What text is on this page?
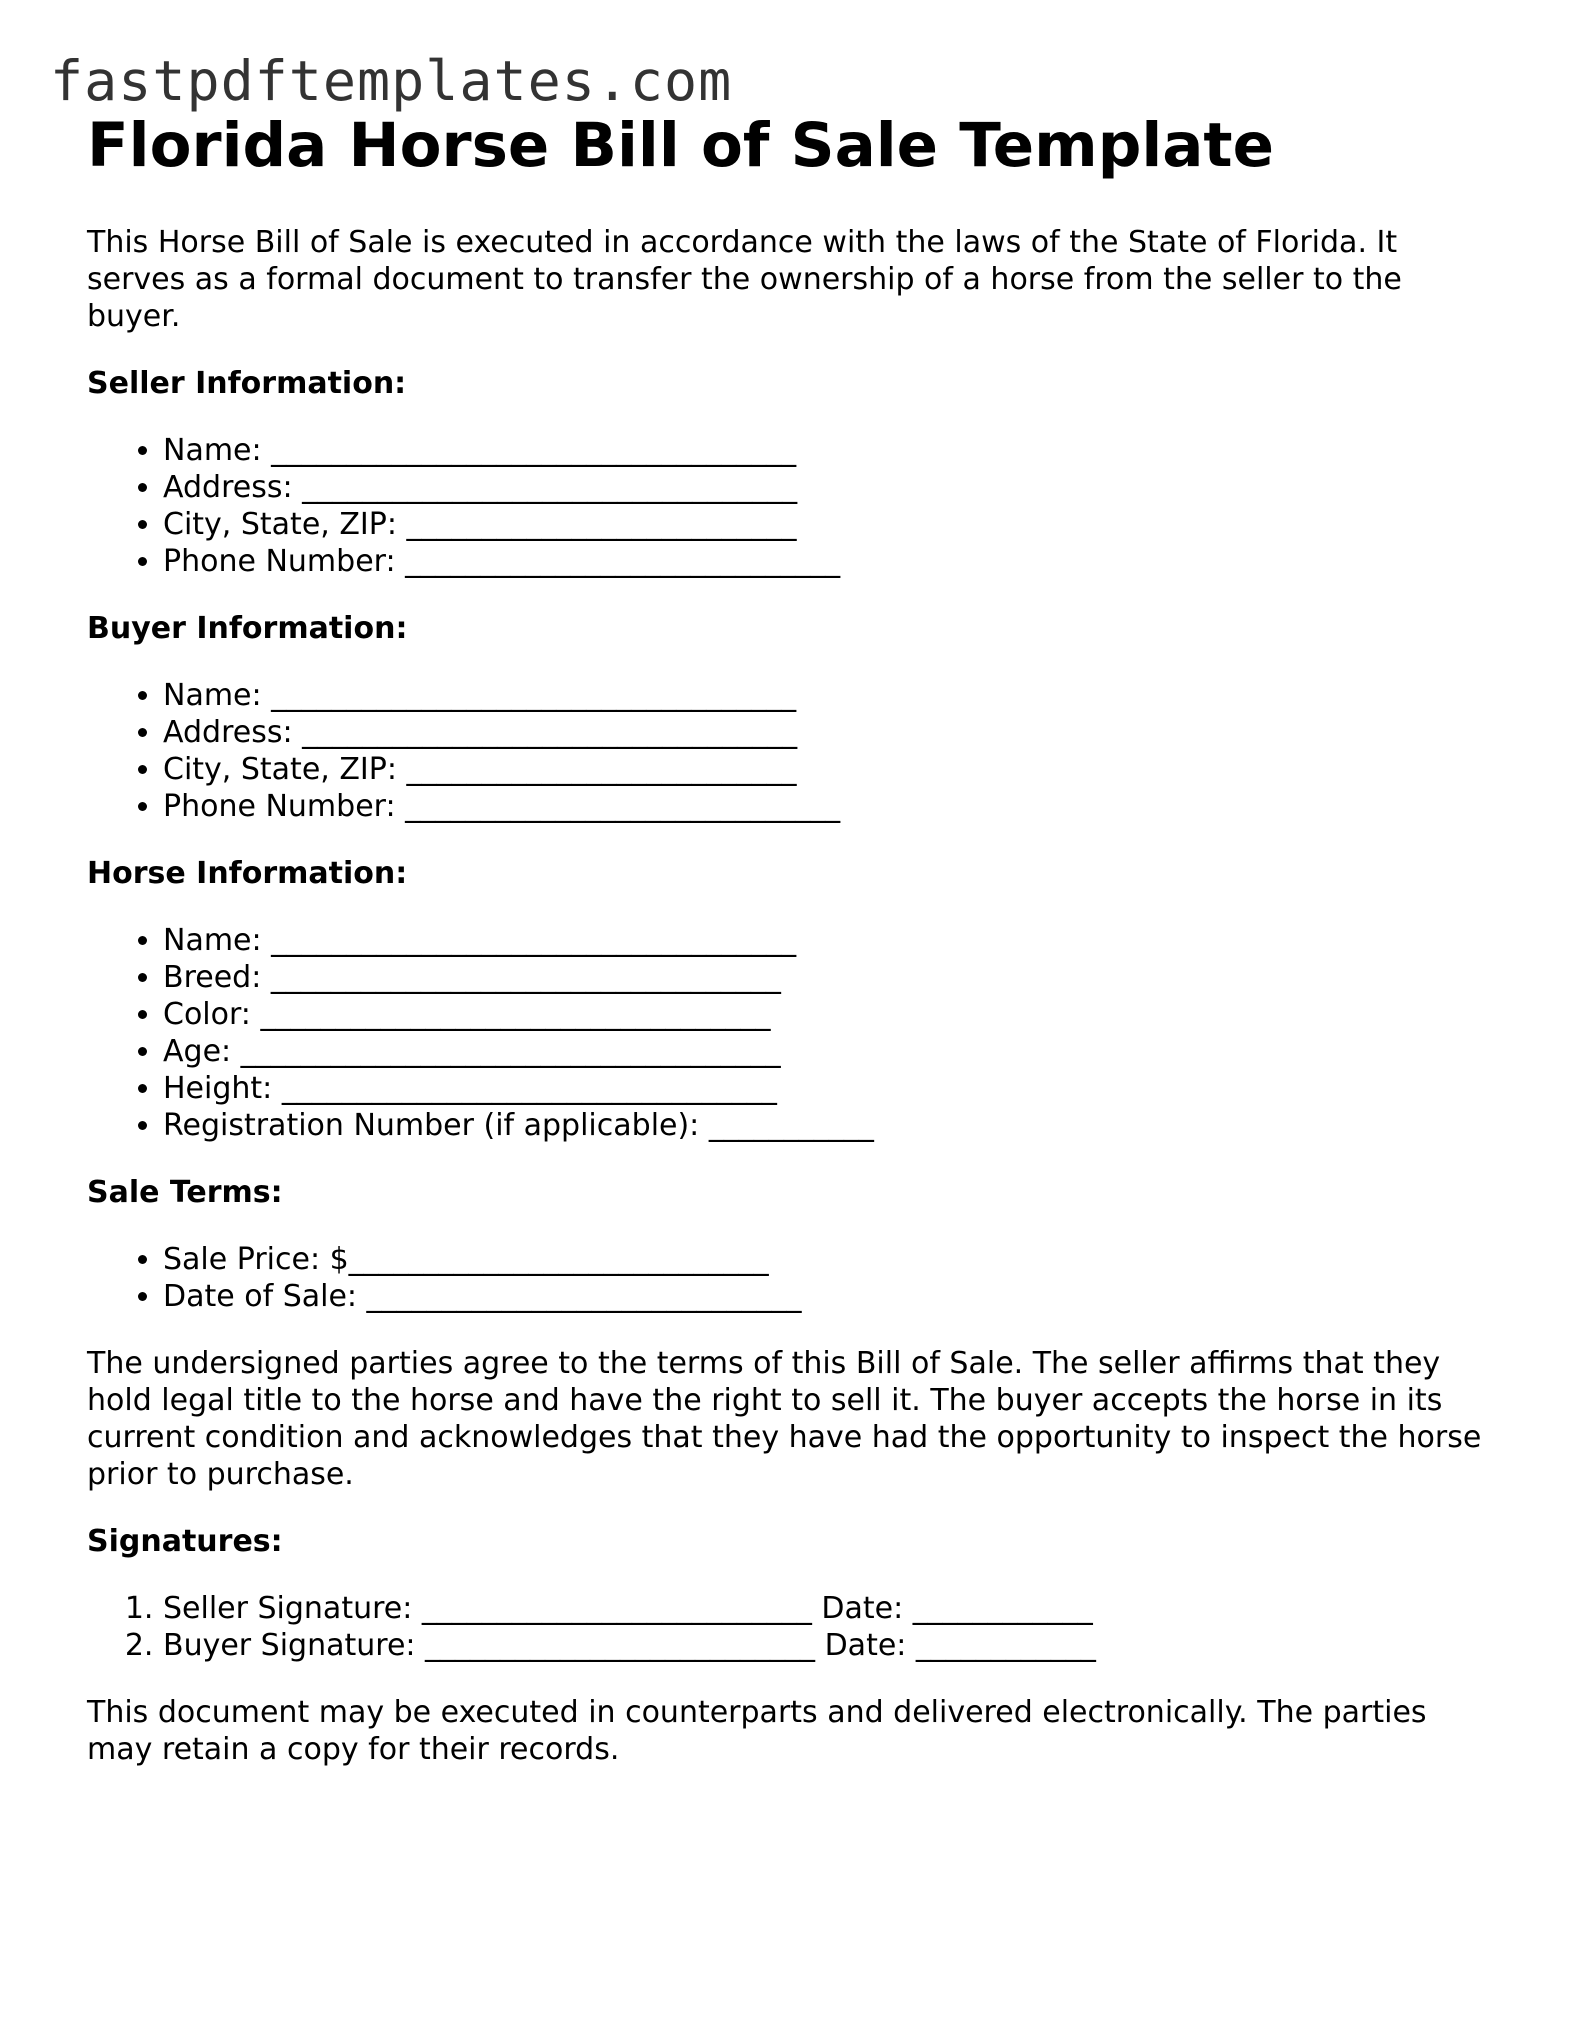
fastpdftemplates.com
Florida Horse Bill of Sale Template

This Horse Bill of Sale is executed in accordance with the laws of the State of Florida. It serves as a formal document to transfer the ownership of a horse from the seller to the buyer.

Seller Information:
• Name: ___________________________________
• Address: _________________________________
• City, State, ZIP: __________________________
• Phone Number: _____________________________
Buyer Information:
• Name: ___________________________________
• Address: _________________________________
• City, State, ZIP: __________________________
• Phone Number: _____________________________
Horse Information:
• Name: ___________________________________
• Breed: __________________________________
• Color: __________________________________
• Age: ____________________________________
• Height: _________________________________
• Registration Number (if applicable): ___________
Sale Terms:
• Sale Price: $____________________________
• Date of Sale: _____________________________

The undersigned parties agree to the terms of this Bill of Sale. The seller affirms that they hold legal title to the horse and have the right to sell it. The buyer accepts the horse in its current condition and acknowledges that they have had the opportunity to inspect the horse prior to purchase.

Signatures:
1. Seller Signature: __________________________ Date: ____________
2. Buyer Signature: __________________________ Date: ____________

This document may be executed in counterparts and delivered electronically. The parties may retain a copy for their records.
